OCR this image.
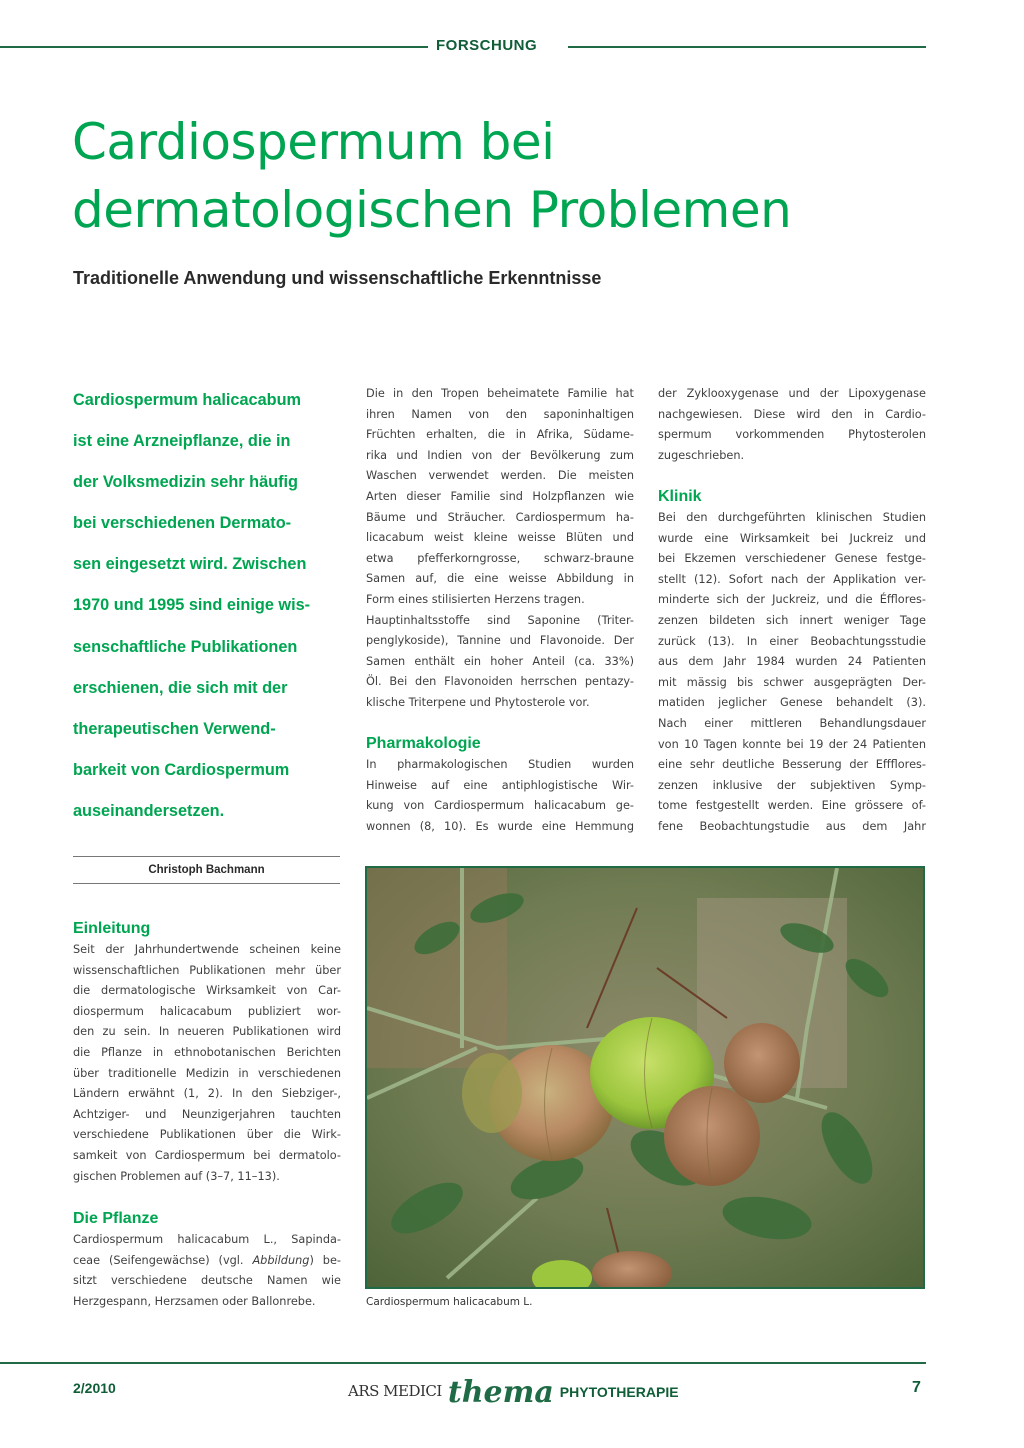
FORSCHUNG
Cardiospermum bei
dermatologischen Problemen
Traditionelle Anwendung und wissenschaftliche Erkenntnisse
Cardiospermum halicacabum
ist eine Arzneipflanze, die in
der Volksmedizin sehr häufig
bei verschiedenen Dermato-
sen eingesetzt wird. Zwischen
1970 und 1995 sind einige wis-
senschaftliche Publikationen
erschienen, die sich mit der
therapeutischen Verwend-
barkeit von Cardiospermum
auseinandersetzen.
Christoph Bachmann
Einleitung
Seit der Jahrhundertwende scheinen keine
wissenschaftlichen Publikationen mehr über
die dermatologische Wirksamkeit von Car-
diospermum halicacabum publiziert wor-
den zu sein. In neueren Publikationen wird
die Pflanze in ethnobotanischen Berichten
über traditionelle Medizin in verschiedenen
Ländern erwähnt (1, 2). In den Siebziger-,
Achtziger- und Neunzigerjahren tauchten
verschiedene Publikationen über die Wirk-
samkeit von Cardiospermum bei dermatolo-
gischen Problemen auf (3–7, 11–13).
Die Pflanze
Cardiospermum halicacabum L., Sapinda-
ceae (Seifengewächse) (vgl. Abbildung) be-
sitzt verschiedene deutsche Namen wie
Herzgespann, Herzsamen oder Ballonrebe.
Die in den Tropen beheimatete Familie hat
ihren Namen von den saponinhaltigen
Früchten erhalten, die in Afrika, Südame-
rika und Indien von der Bevölkerung zum
Waschen verwendet werden. Die meisten
Arten dieser Familie sind Holzpflanzen wie
Bäume und Sträucher. Cardiospermum ha-
licacabum weist kleine weisse Blüten und
etwa pfefferkorngrosse, schwarz-braune
Samen auf, die eine weisse Abbildung in
Form eines stilisierten Herzens tragen.
Hauptinhaltsstoffe sind Saponine (Triter-
penglykoside), Tannine und Flavonoide. Der
Samen enthält ein hoher Anteil (ca. 33%)
Öl. Bei den Flavonoiden herrschen pentazy-
klische Triterpene und Phytosterole vor.
Pharmakologie
In pharmakologischen Studien wurden
Hinweise auf eine antiphlogistische Wir-
kung von Cardiospermum halicacabum ge-
wonnen (8, 10). Es wurde eine Hemmung
der Zyklooxygenase und der Lipoxygenase
nachgewiesen. Diese wird den in Cardio-
spermum vorkommenden Phytosterolen
zugeschrieben.
Klinik
Bei den durchgeführten klinischen Studien
wurde eine Wirksamkeit bei Juckreiz und
bei Ekzemen verschiedener Genese festge-
stellt (12). Sofort nach der Applikation ver-
minderte sich der Juckreiz, und die Éfflores-
zenzen bildeten sich innert weniger Tage
zurück (13). In einer Beobachtungsstudie
aus dem Jahr 1984 wurden 24 Patienten
mit mässig bis schwer ausgeprägten Der-
matiden jeglicher Genese behandelt (3).
Nach einer mittleren Behandlungsdauer
von 10 Tagen konnte bei 19 der 24 Patienten
eine sehr deutliche Besserung der Effflores-
zenzen inklusive der subjektiven Symp-
tome festgestellt werden. Eine grössere of-
fene Beobachtungstudie aus dem Jahr
Cardiospermum halicacabum L.
2/2010	ARS MEDICI thema PHYTOTHERAPIE	7
